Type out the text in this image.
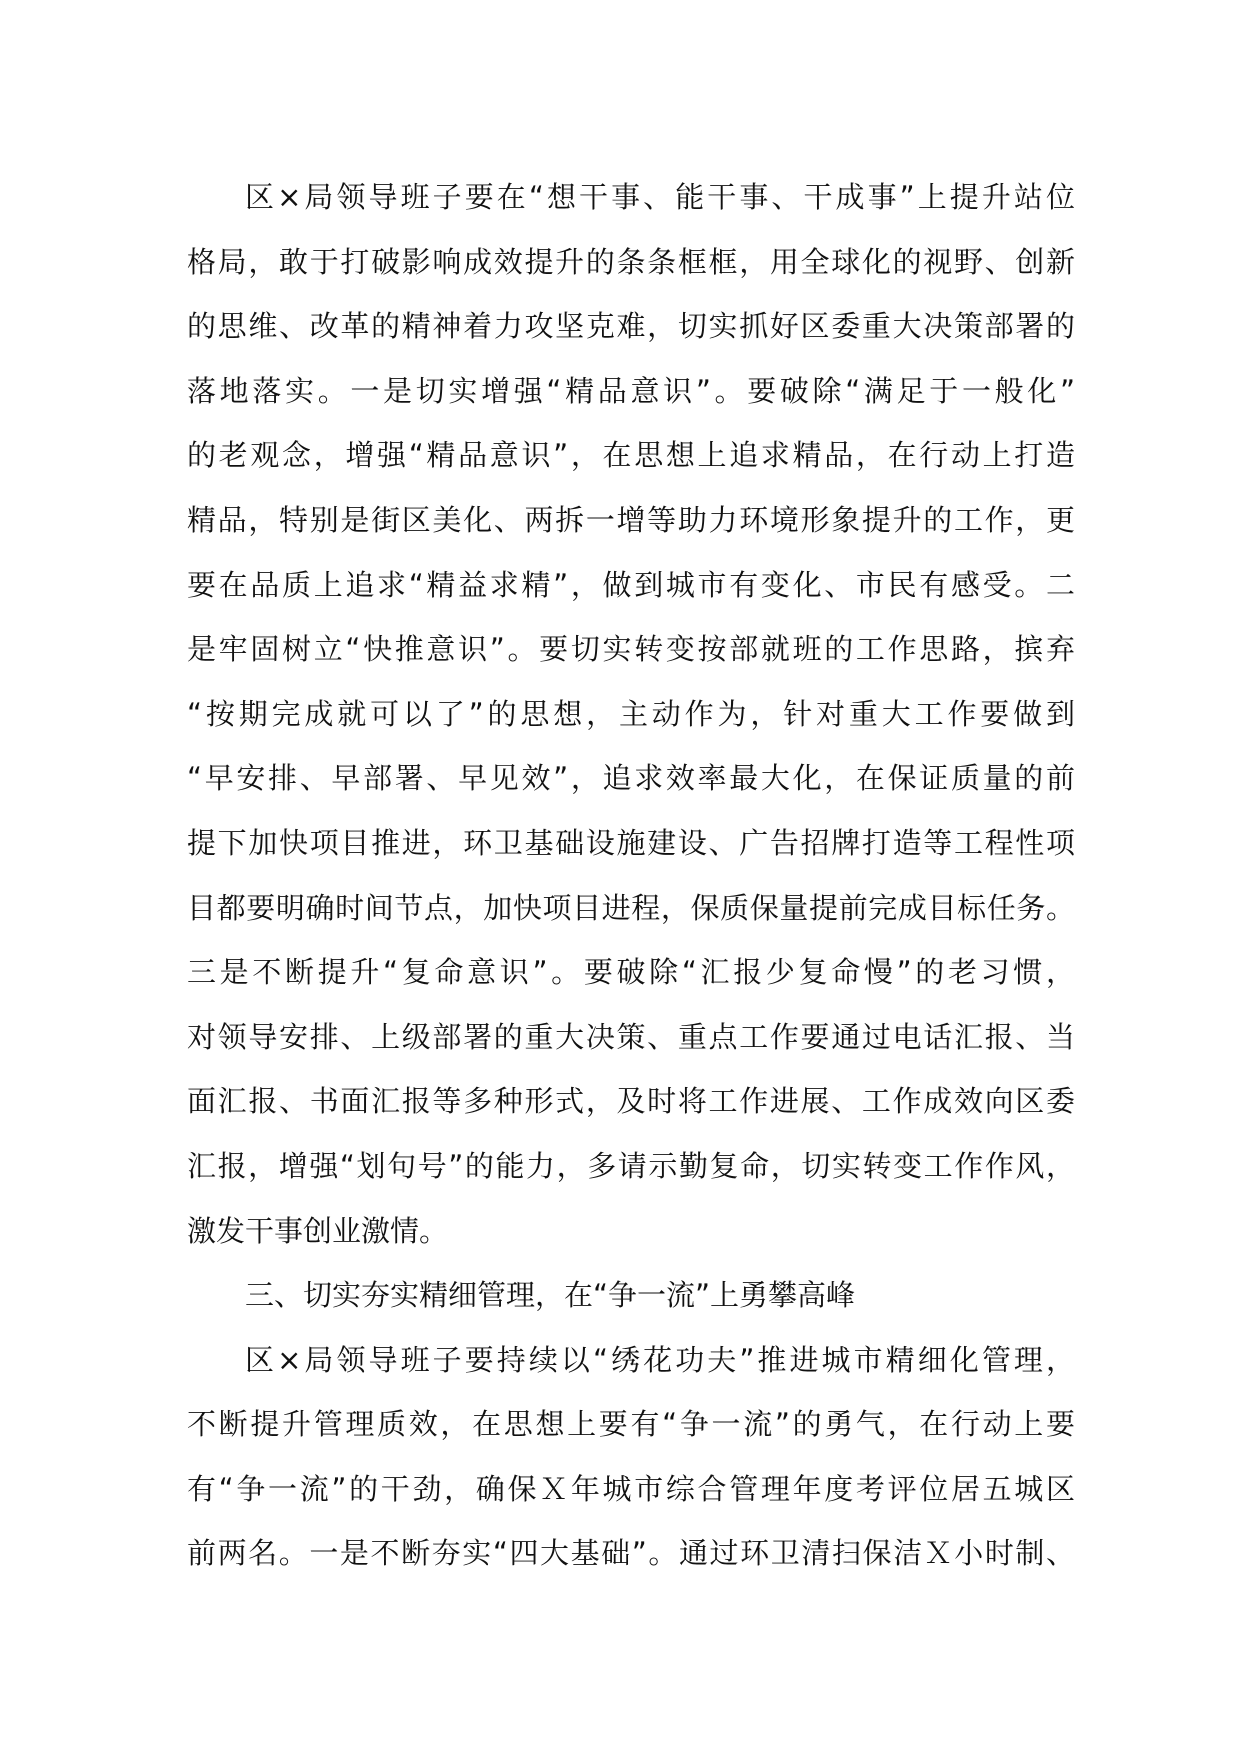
区×局领导班子要在“想干事、能干事、干成事”上提升站位
格局，敢于打破影响成效提升的条条框框，用全球化的视野、创新
的思维、改革的精神着力攻坚克难，切实抓好区委重大决策部署的
落地落实。一是切实增强“精品意识”。要破除“满足于一般化”
的老观念，增强“精品意识”，在思想上追求精品，在行动上打造
精品，特别是街区美化、两拆一增等助力环境形象提升的工作，更
要在品质上追求“精益求精”，做到城市有变化、市民有感受。二
是牢固树立“快推意识”。要切实转变按部就班的工作思路，摈弃
“按期完成就可以了”的思想，主动作为，针对重大工作要做到
“早安排、早部署、早见效”，追求效率最大化，在保证质量的前
提下加快项目推进，环卫基础设施建设、广告招牌打造等工程性项
目都要明确时间节点，加快项目进程，保质保量提前完成目标任务。
三是不断提升“复命意识”。要破除“汇报少复命慢”的老习惯，
对领导安排、上级部署的重大决策、重点工作要通过电话汇报、当
面汇报、书面汇报等多种形式，及时将工作进展、工作成效向区委
汇报，增强“划句号”的能力，多请示勤复命，切实转变工作作风，
激发干事创业激情。
三、切实夯实精细管理，在“争一流”上勇攀高峰
区×局领导班子要持续以“绣花功夫”推进城市精细化管理，
不断提升管理质效，在思想上要有“争一流”的勇气，在行动上要
有“争一流”的干劲，确保Ｘ年城市综合管理年度考评位居五城区
前两名。一是不断夯实“四大基础”。通过环卫清扫保洁Ｘ小时制、
